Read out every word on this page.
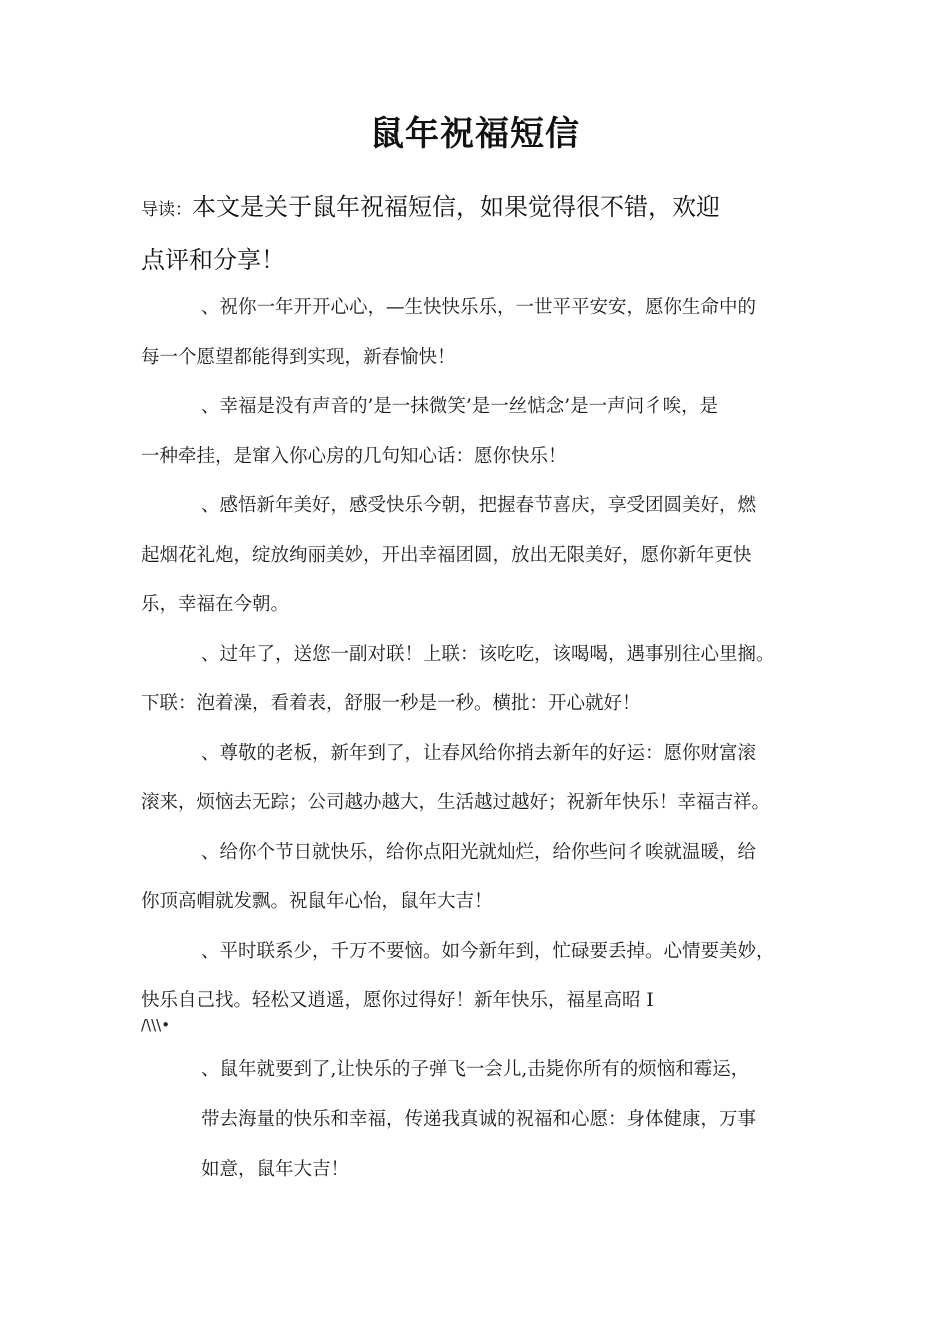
鼠年祝福短信
导读：本文是关于鼠年祝福短信，如果觉得很不错，欢迎
点评和分享！
、祝你一年开开心心，—生快快乐乐，一世平平安安，愿你生命中的
每一个愿望都能得到实现，新春愉快！
、幸福是没有声音的’是一抹微笑’是一丝惦念’是一声问彳唉，是
一种牵挂，是窜入你心房的几句知心话：愿你快乐！
、感悟新年美好，感受快乐今朝，把握春节喜庆，享受团圆美好，燃
起烟花礼炮，绽放绚丽美妙，开出幸福团圆，放出无限美好，愿你新年更快
乐，幸福在今朝。
、过年了，送您一副对联！上联：该吃吃，该喝喝，遇事别往心里搁。
下联：泡着澡，看着表，舒服一秒是一秒。横批：开心就好！
、尊敬的老板，新年到了，让春风给你捎去新年的好运：愿你财富滚
滚来，烦恼去无踪；公司越办越大，生活越过越好；祝新年快乐！幸福吉祥。
、给你个节日就快乐，给你点阳光就灿烂，给你些问彳唉就温暖，给
你顶高帽就发飘。祝鼠年心怡，鼠年大吉！
、平时联系少，千万不要恼。如今新年到，忙碌要丢掉。心情要美妙，
快乐自己找。轻松又逍遥，愿你过得好！新年快乐，福星高昭 I
/\\\•
、鼠年就要到了,让快乐的子弹飞一会儿,击毙你所有的烦恼和霉运，
带去海量的快乐和幸福，传递我真诚的祝福和心愿：身体健康，万事
如意，鼠年大吉！
